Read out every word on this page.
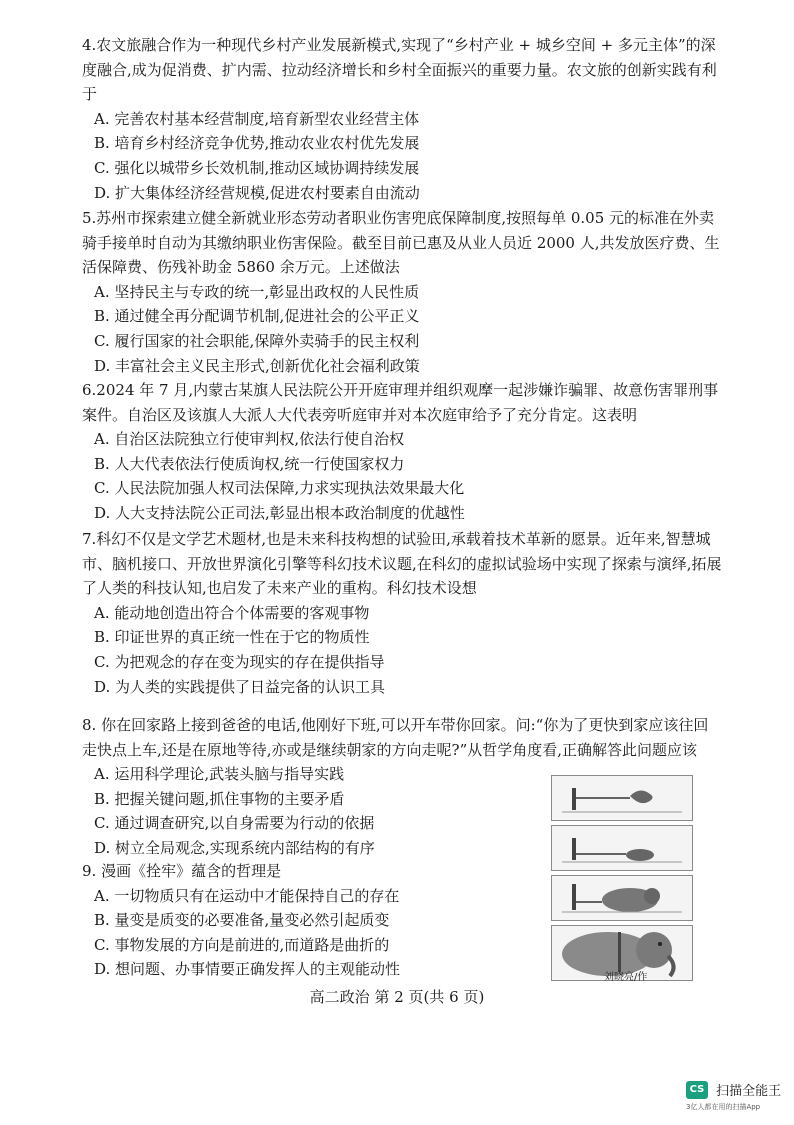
4.农文旅融合作为一种现代乡村产业发展新模式,实现了“乡村产业 + 城乡空间 + 多元主体”的深度融合,成为促消费、扩内需、拉动经济增长和乡村全面振兴的重要力量。农文旅的创新实践有利于

A. 完善农村基本经营制度,培育新型农业经营主体

B. 培育乡村经济竞争优势,推动农业农村优先发展

C. 强化以城带乡长效机制,推动区域协调持续发展

D. 扩大集体经济经营规模,促进农村要素自由流动

5.苏州市探索建立健全新就业形态劳动者职业伤害兜底保障制度,按照每单 0.05 元的标准在外卖骑手接单时自动为其缴纳职业伤害保险。截至目前已惠及从业人员近 2000 人,共发放医疗费、生活保障费、伤残补助金 5860 余万元。上述做法

A. 坚持民主与专政的统一,彰显出政权的人民性质

B. 通过健全再分配调节机制,促进社会的公平正义

C. 履行国家的社会职能,保障外卖骑手的民主权利

D. 丰富社会主义民主形式,创新优化社会福利政策

6.2024 年 7 月,内蒙古某旗人民法院公开开庭审理并组织观摩一起涉嫌诈骗罪、故意伤害罪刑事案件。自治区及该旗人大派人大代表旁听庭审并对本次庭审给予了充分肯定。这表明

A. 自治区法院独立行使审判权,依法行使自治权

B. 人大代表依法行使质询权,统一行使国家权力

C. 人民法院加强人权司法保障,力求实现执法效果最大化

D. 人大支持法院公正司法,彰显出根本政治制度的优越性

7.科幻不仅是文学艺术题材,也是未来科技构想的试验田,承载着技术革新的愿景。近年来,智慧城市、脑机接口、开放世界演化引擎等科幻技术议题,在科幻的虚拟试验场中实现了探索与演绎,拓展了人类的科技认知,也启发了未来产业的重构。科幻技术设想

A. 能动地创造出符合个体需要的客观事物

B. 印证世界的真正统一性在于它的物质性

C. 为把观念的存在变为现实的存在提供指导

D. 为人类的实践提供了日益完备的认识工具

8. 你在回家路上接到爸爸的电话,他刚好下班,可以开车带你回家。问:“你为了更快到家应该往回走快点上车,还是在原地等待,亦或是继续朝家的方向走呢?”从哲学角度看,正确解答此问题应该

A. 运用科学理论,武装头脑与指导实践

B. 把握关键问题,抓住事物的主要矛盾

C. 通过调查研究,以自身需要为行动的依据

D. 树立全局观念,实现系统内部结构的有序

9. 漫画《拴牢》蕴含的哲理是

A. 一切物质只有在运动中才能保持自己的存在

B. 量变是质变的必要准备,量变必然引起质变

C. 事物发展的方向是前进的,而道路是曲折的

D. 想问题、办事情要正确发挥人的主观能动性	刘晓亮/作
高二政治 第 2 页(共 6 页)
CS 扫描全能王
3亿人都在用的扫描App
